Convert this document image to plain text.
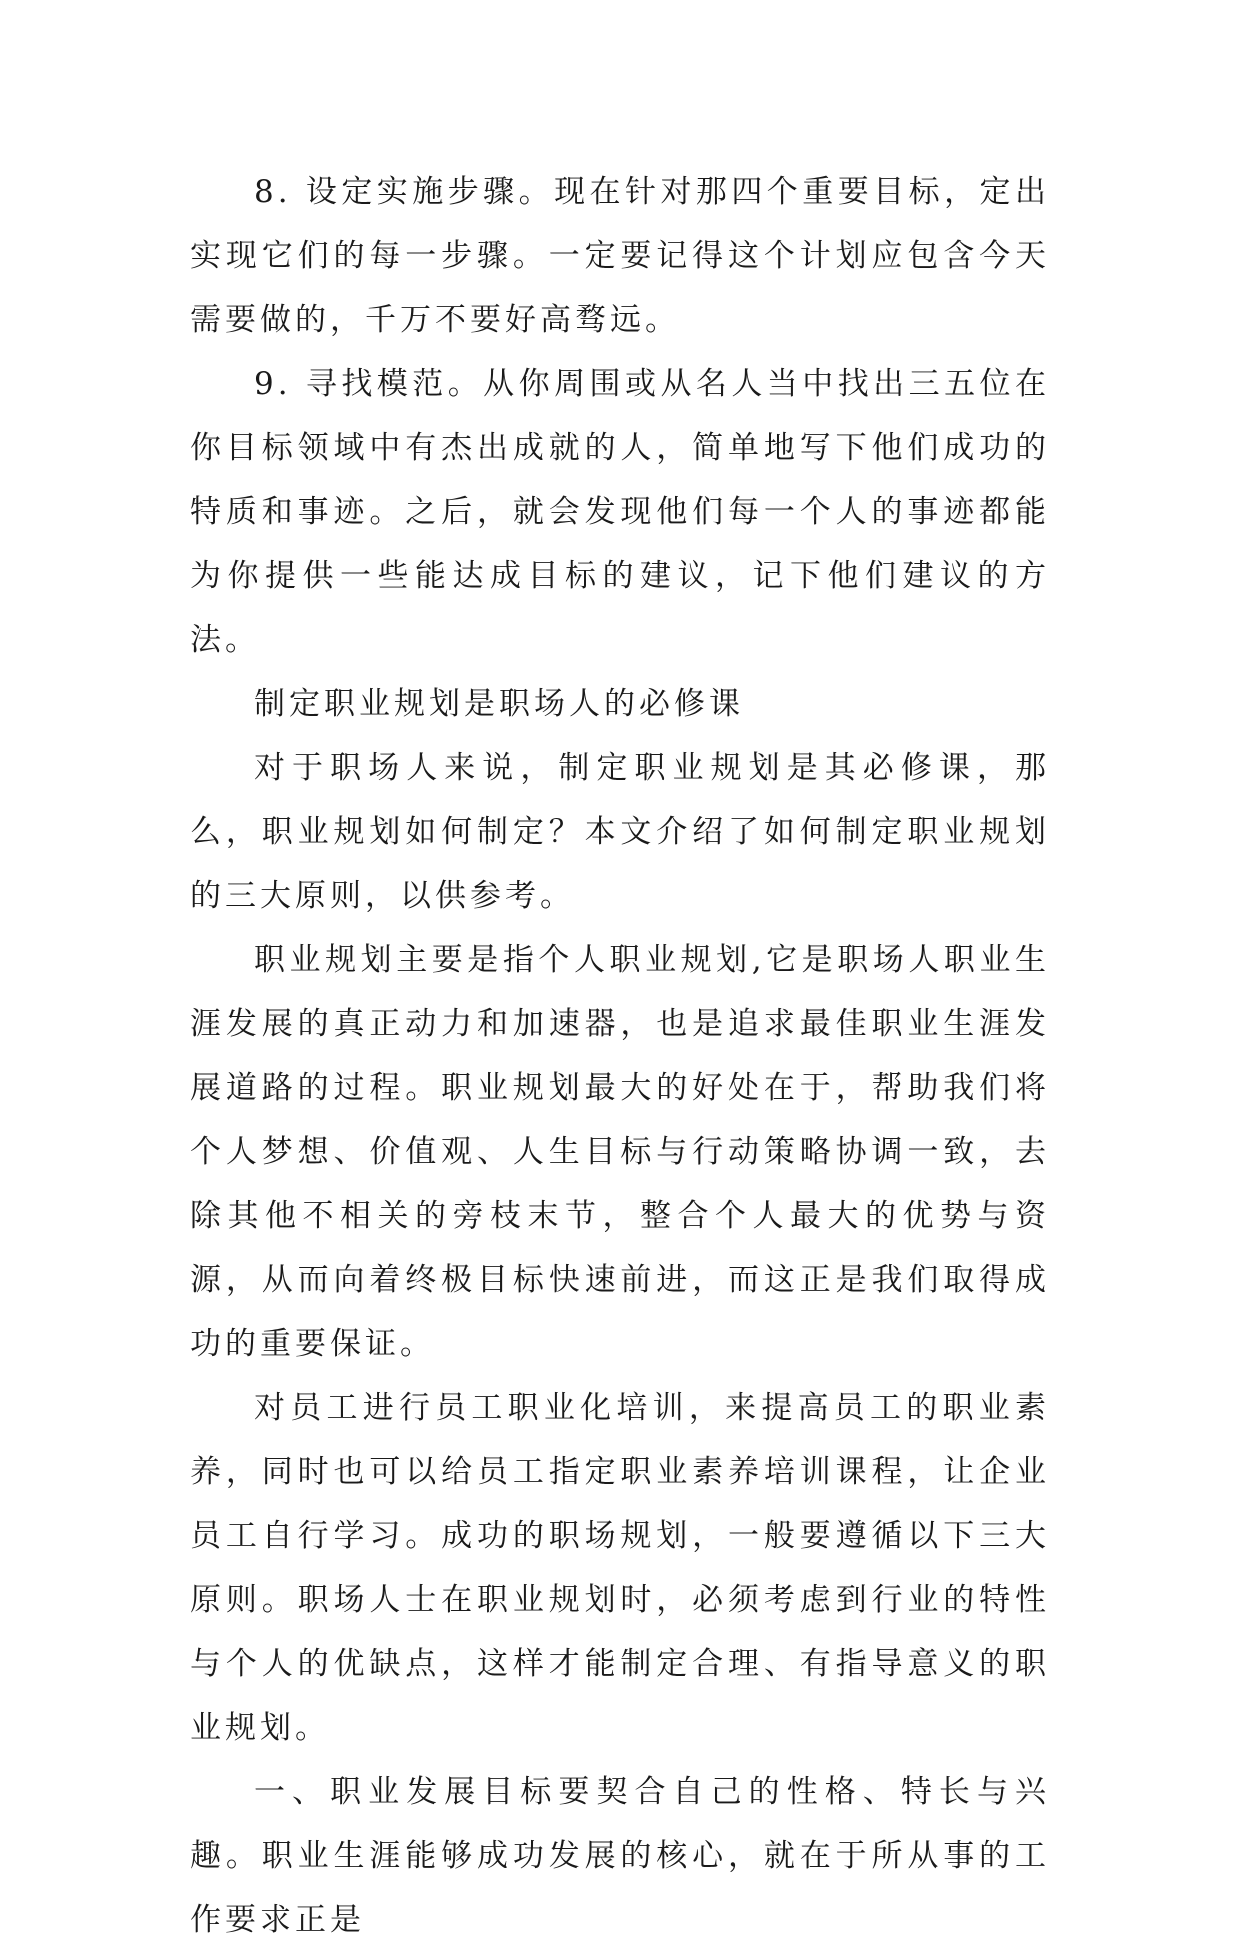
8. 设定实施步骤。现在针对那四个重要目标，定出实现它们的每一步骤。一定要记得这个计划应包含今天需要做的，千万不要好高骛远。

9. 寻找模范。从你周围或从名人当中找出三五位在你目标领域中有杰出成就的人，简单地写下他们成功的特质和事迹。之后，就会发现他们每一个人的事迹都能为你提供一些能达成目标的建议，记下他们建议的方法。

制定职业规划是职场人的必修课

对于职场人来说，制定职业规划是其必修课，那么，职业规划如何制定？本文介绍了如何制定职业规划的三大原则，以供参考。

职业规划主要是指个人职业规划,它是职场人职业生涯发展的真正动力和加速器，也是追求最佳职业生涯发展道路的过程。职业规划最大的好处在于，帮助我们将个人梦想、价值观、人生目标与行动策略协调一致，去除其他不相关的旁枝末节，整合个人最大的优势与资源，从而向着终极目标快速前进，而这正是我们取得成功的重要保证。

对员工进行员工职业化培训，来提高员工的职业素养，同时也可以给员工指定职业素养培训课程，让企业员工自行学习。成功的职场规划，一般要遵循以下三大原则。职场人士在职业规划时，必须考虑到行业的特性与个人的优缺点，这样才能制定合理、有指导意义的职业规划。

一、职业发展目标要契合自己的性格、特长与兴趣。职业生涯能够成功发展的核心，就在于所从事的工作要求正是
